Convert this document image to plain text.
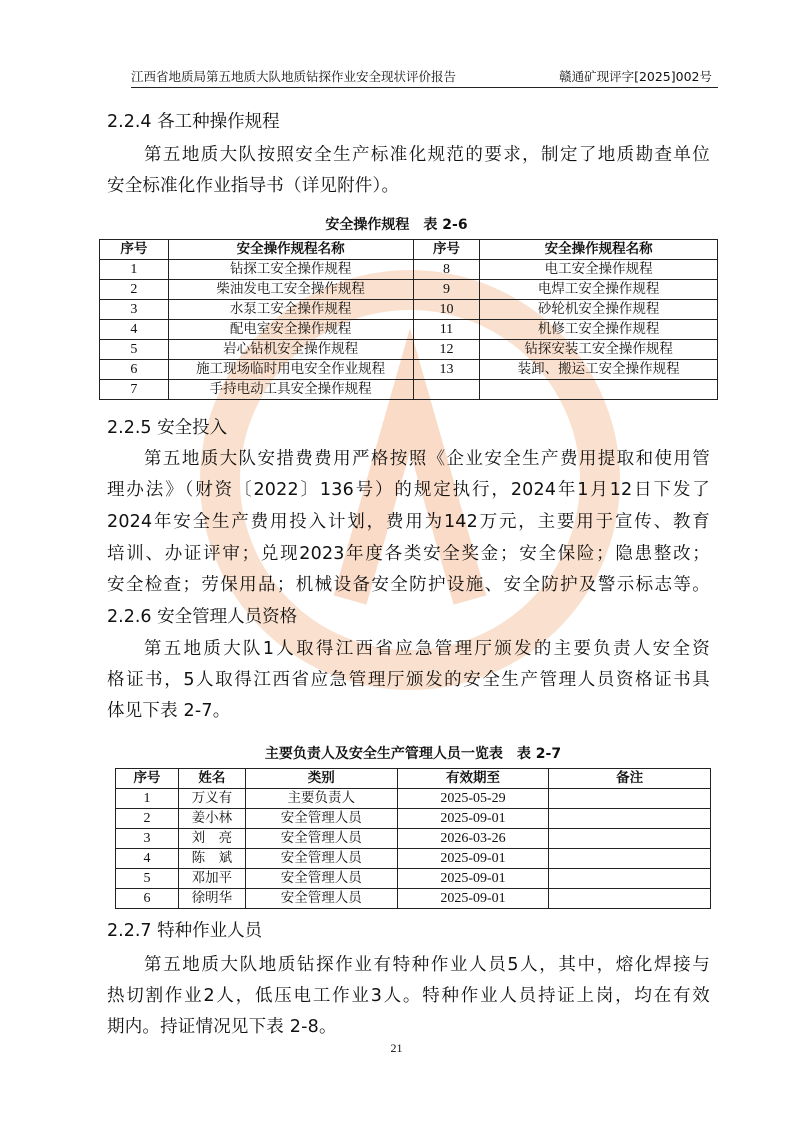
江西省地质局第五地质大队地质钻探作业安全现状评价报告	赣通矿现评字[2025]002号
2.2.4 各工种操作规程
第五地质大队按照安全生产标准化规范的要求，制定了地质勘查单位
安全标准化作业指导书（详见附件）。
安全操作规程　表 2-6
序号	安全操作规程名称	序号	安全操作规程名称
1	钻探工安全操作规程	8	电工安全操作规程
2	柴油发电工安全操作规程	9	电焊工安全操作规程
3	水泵工安全操作规程	10	砂轮机安全操作规程
4	配电室安全操作规程	11	机修工安全操作规程
5	岩心钻机安全操作规程	12	钻探安装工安全操作规程
6	施工现场临时用电安全作业规程	13	装卸、搬运工安全操作规程
7	手持电动工具安全操作规程		
2.2.5 安全投入
第五地质大队安措费费用严格按照《企业安全生产费用提取和使用管
理办法》（财资〔2022〕136号）的规定执行，2024年1月12日下发了
2024年安全生产费用投入计划，费用为142万元，主要用于宣传、教育
培训、办证评审；兑现2023年度各类安全奖金；安全保险；隐患整改；
安全检查；劳保用品；机械设备安全防护设施、安全防护及警示标志等。
2.2.6 安全管理人员资格
第五地质大队1人取得江西省应急管理厅颁发的主要负责人安全资
格证书，5人取得江西省应急管理厅颁发的安全生产管理人员资格证书具
体见下表 2-7。
主要负责人及安全生产管理人员一览表　表 2-7
序号	姓名	类别	有效期至	备注
1	万义有	主要负责人	2025-05-29	
2	姜小林	安全管理人员	2025-09-01	
3	刘　亮	安全管理人员	2026-03-26	
4	陈　斌	安全管理人员	2025-09-01	
5	邓加平	安全管理人员	2025-09-01	
6	徐明华	安全管理人员	2025-09-01	
2.2.7 特种作业人员
第五地质大队地质钻探作业有特种作业人员5人，其中，熔化焊接与
热切割作业2人，低压电工作业3人。特种作业人员持证上岗，均在有效
期内。持证情况见下表 2-8。
21
